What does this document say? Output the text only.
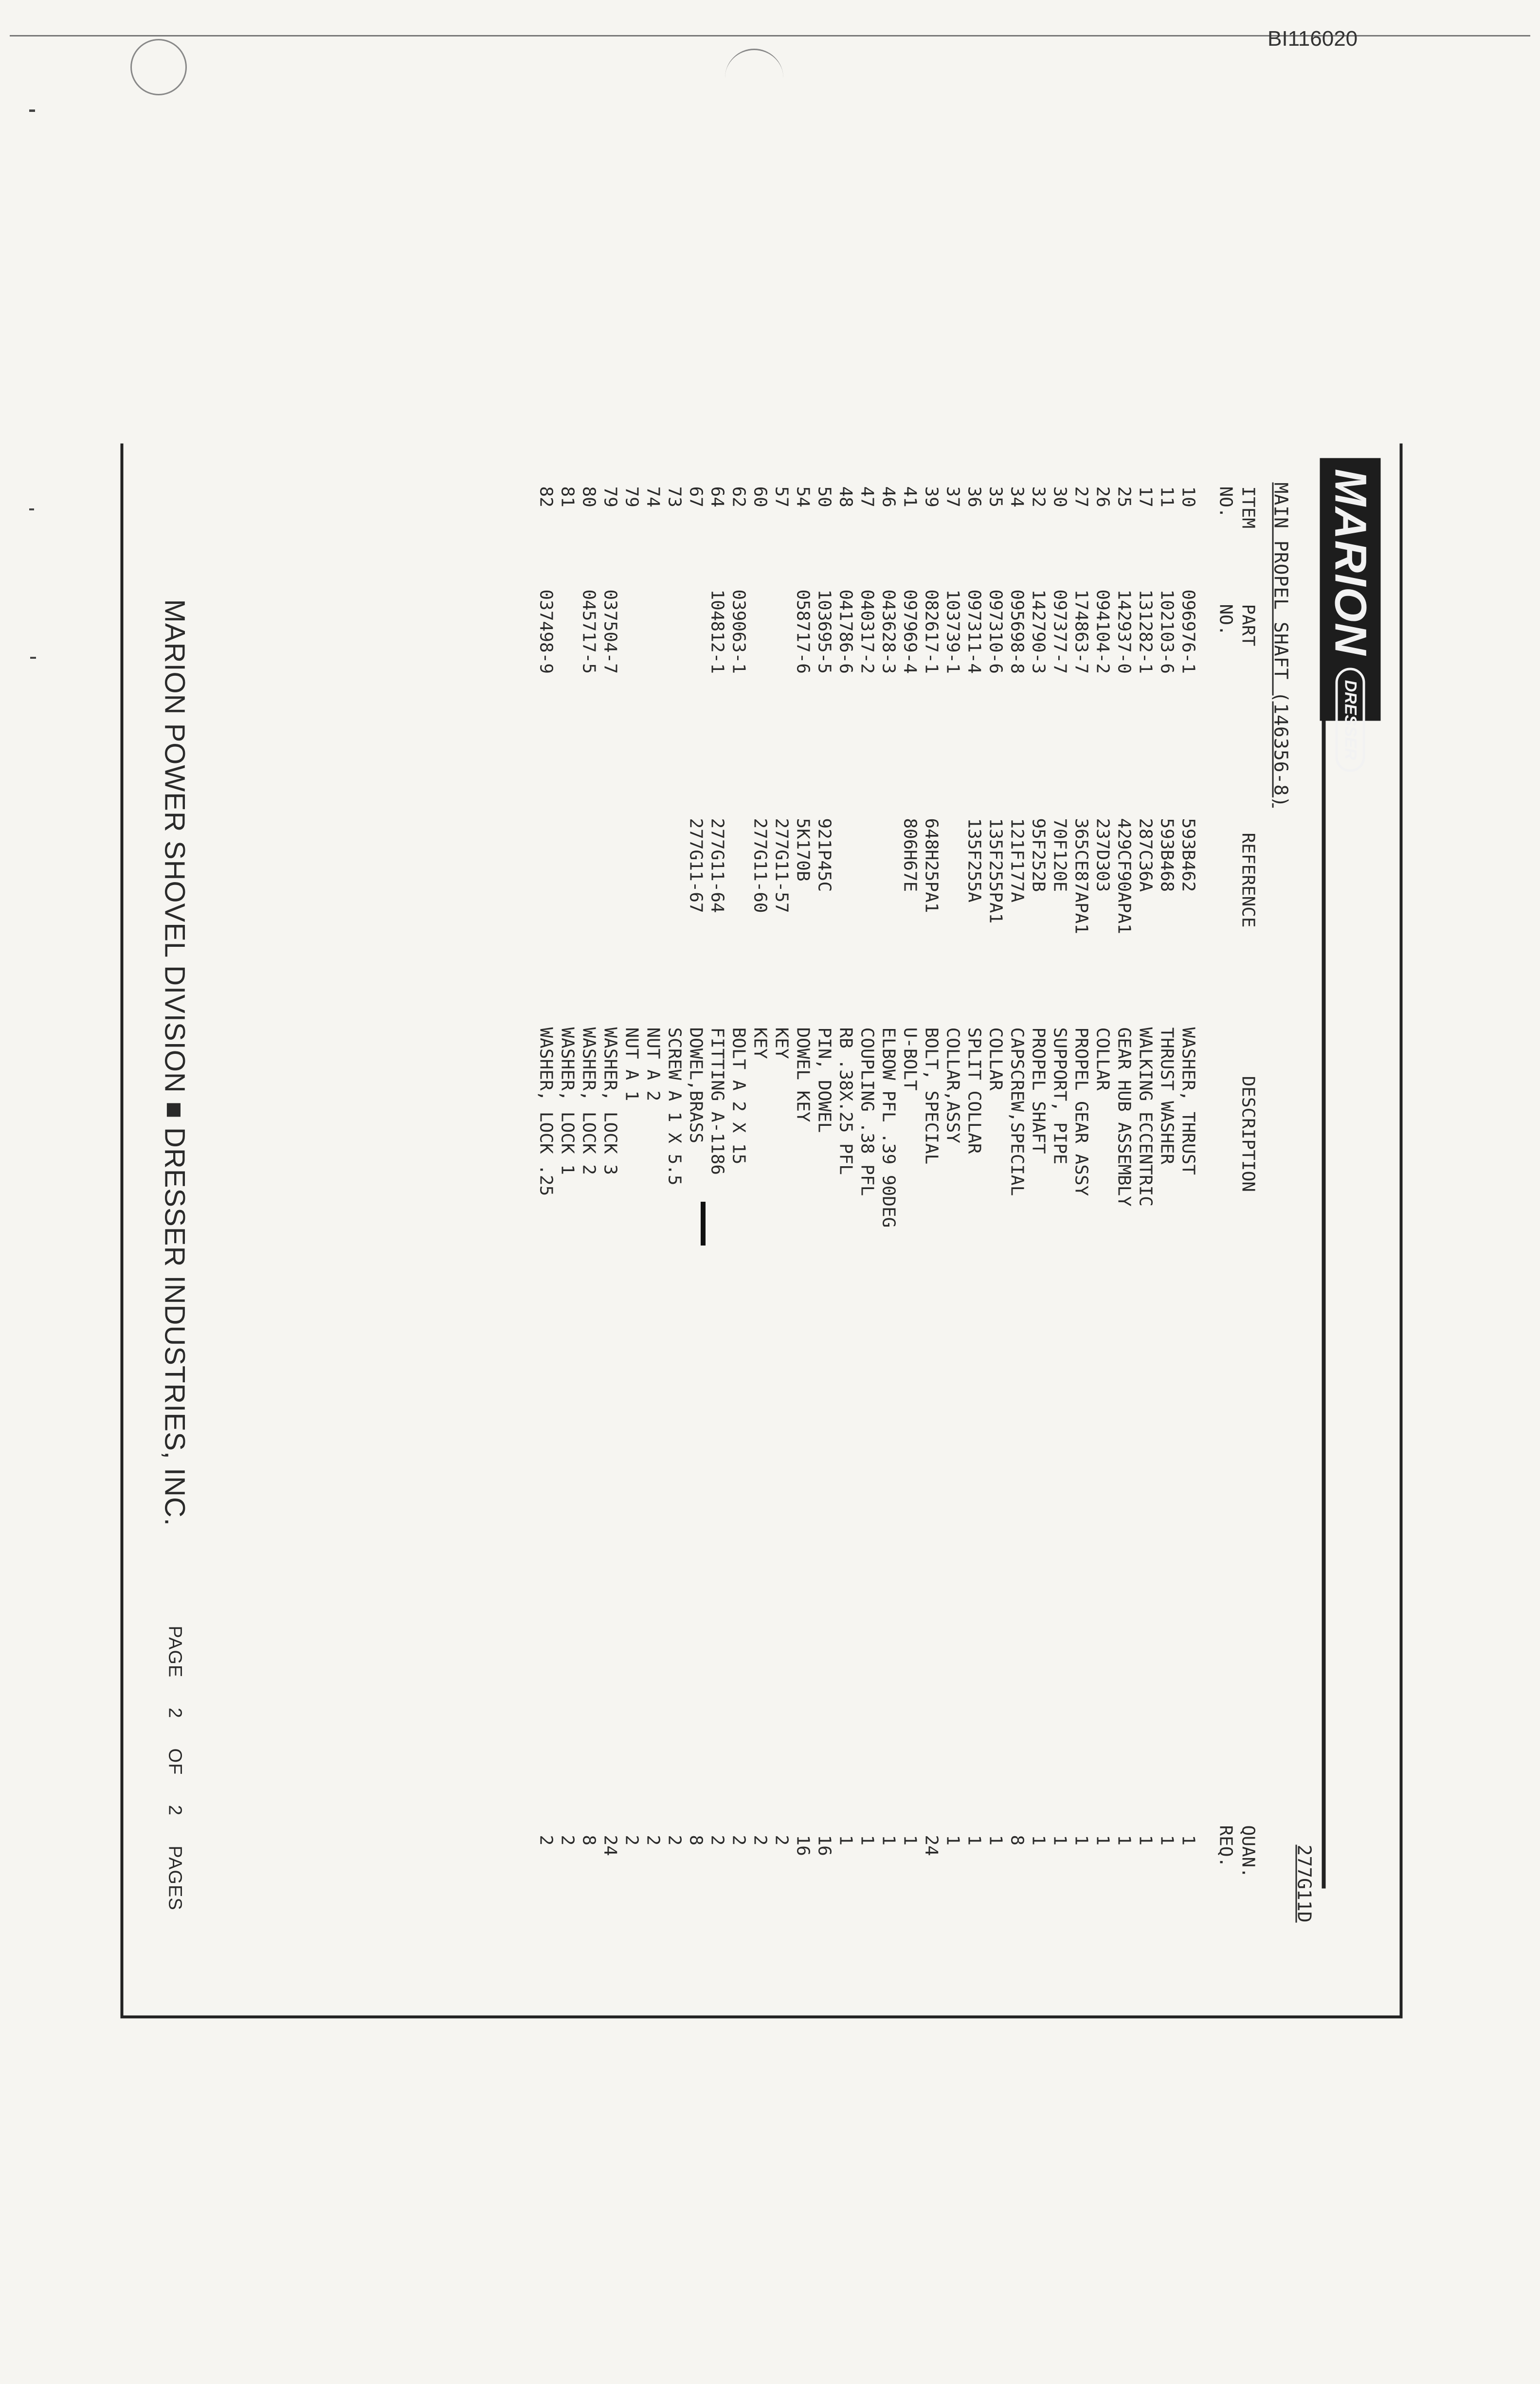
BI116020
MARION
DRESSER
277G11D
MAIN PROPEL SHAFT (146356-8)
ITEM
NO.
PART
NO.
REFERENCE
DESCRIPTION
QUAN.
REQ.
10
096976-1
593B462
WASHER, THRUST
1
11
102103-6
593B468
THRUST WASHER
1
17
131282-1
287C36A
WALKING ECCENTRIC
1
25
142937-0
429CF90APA1
GEAR HUB ASSEMBLY
1
26
094104-2
237D303
COLLAR
1
27
174863-7
365CE87APA1
PROPEL GEAR ASSY
1
30
097377-7
70F120E
SUPPORT, PIPE
1
32
142790-3
95F252B
PROPEL SHAFT
1
34
095698-8
121F177A
CAPSCREW,SPECIAL
8
35
097310-6
135F255PA1
COLLAR
1
36
097311-4
135F255A
SPLIT COLLAR
1
37
103739-1
COLLAR,ASSY
1
39
082617-1
648H25PA1
BOLT, SPECIAL
24
41
097969-4
806H67E
U-BOLT
1
46
043628-3
ELBOW PFL .39 90DEG
1
47
040317-2
COUPLING .38 PFL
1
48
041786-6
RB .38X.25 PFL
1
50
103695-5
921P45C
PIN, DOWEL
16
54
058717-6
5K170B
DOWEL KEY
16
57
277G11-57
KEY
2
60
277G11-60
KEY
2
62
039063-1
BOLT A 2 X 15
2
64
104812-1
277G11-64
FITTING A-1186
2
67
277G11-67
DOWEL,BRASS
8
73
SCREW A 1 X 5.5
2
74
NUT A 2
2
79
NUT A 1
2
79
037504-7
WASHER, LOCK 3
24
80
045717-5
WASHER, LOCK 2
8
81
WASHER, LOCK 1
2
82
037498-9
WASHER, LOCK .25
2
MARION POWER SHOVEL DIVISION ■ DRESSER INDUSTRIES, INC.
PAGE 2 OF 2 PAGES
